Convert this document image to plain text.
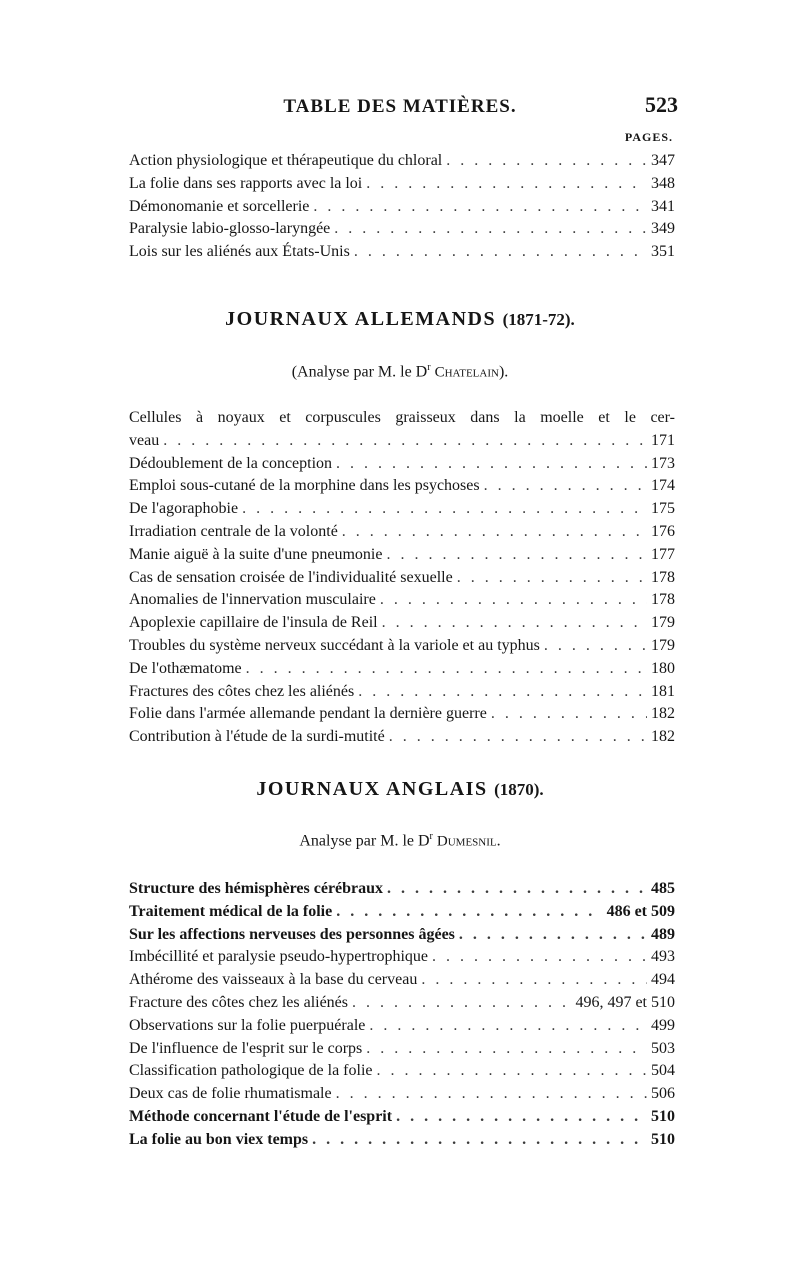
TABLE DES MATIÈRES.	523
PAGES.
Action physiologique et thérapeutique du chloral . . .	347
La folie dans ses rapports avec la loi . . .	348
Démonomanie et sorcellerie . . .	341
Paralysie labio-glosso-laryngée . . .	349
Lois sur les aliénés aux États-Unis . . .	351
JOURNAUX ALLEMANDS (1871-72).
(Analyse par M. le $D^r$ Chatelain).
Cellules à noyaux et corpuscules graisseux dans la moelle et le cer-
veau . . .	171
Dédoublement de la conception . . .	173
Emploi sous-cutané de la morphine dans les psychoses . . .	174
De l'agoraphobie . . .	175
Irradiation centrale de la volonté . . .	176
Manie aiguë à la suite d'une pneumonie . . .	177
Cas de sensation croisée de l'individualité sexuelle . . .	178
Anomalies de l'innervation musculaire . . .	178
Apoplexie capillaire de l'insula de Reil . . .	179
Troubles du système nerveux succédant à la variole et au typhus . . .	179
De l'othæmatome . . .	180
Fractures des côtes chez les aliénés . . .	181
Folie dans l'armée allemande pendant la dernière guerre . . .	182
Contribution à l'étude de la surdi-mutité . . .	182
JOURNAUX ANGLAIS (1870).
Analyse par M. le $D^r$ Dumesnil.
Structure des hémisphères cérébraux . . .	485
Traitement médical de la folie . . .	486 et 509
Sur les affections nerveuses des personnes âgées . . .	489
Imbécillité et paralysie pseudo-hypertrophique . . .	493
Athérome des vaisseaux à la base du cerveau . . .	494
Fracture des côtes chez les aliénés . . .	496, 497 et 510
Observations sur la folie puerpuérale . . .	499
De l'influence de l'esprit sur le corps . . .	503
Classification pathologique de la folie . . .	504
Deux cas de folie rhumatismale . . .	506
Méthode concernant l'étude de l'esprit . . .	510
La folie au bon viex temps . . .	510
